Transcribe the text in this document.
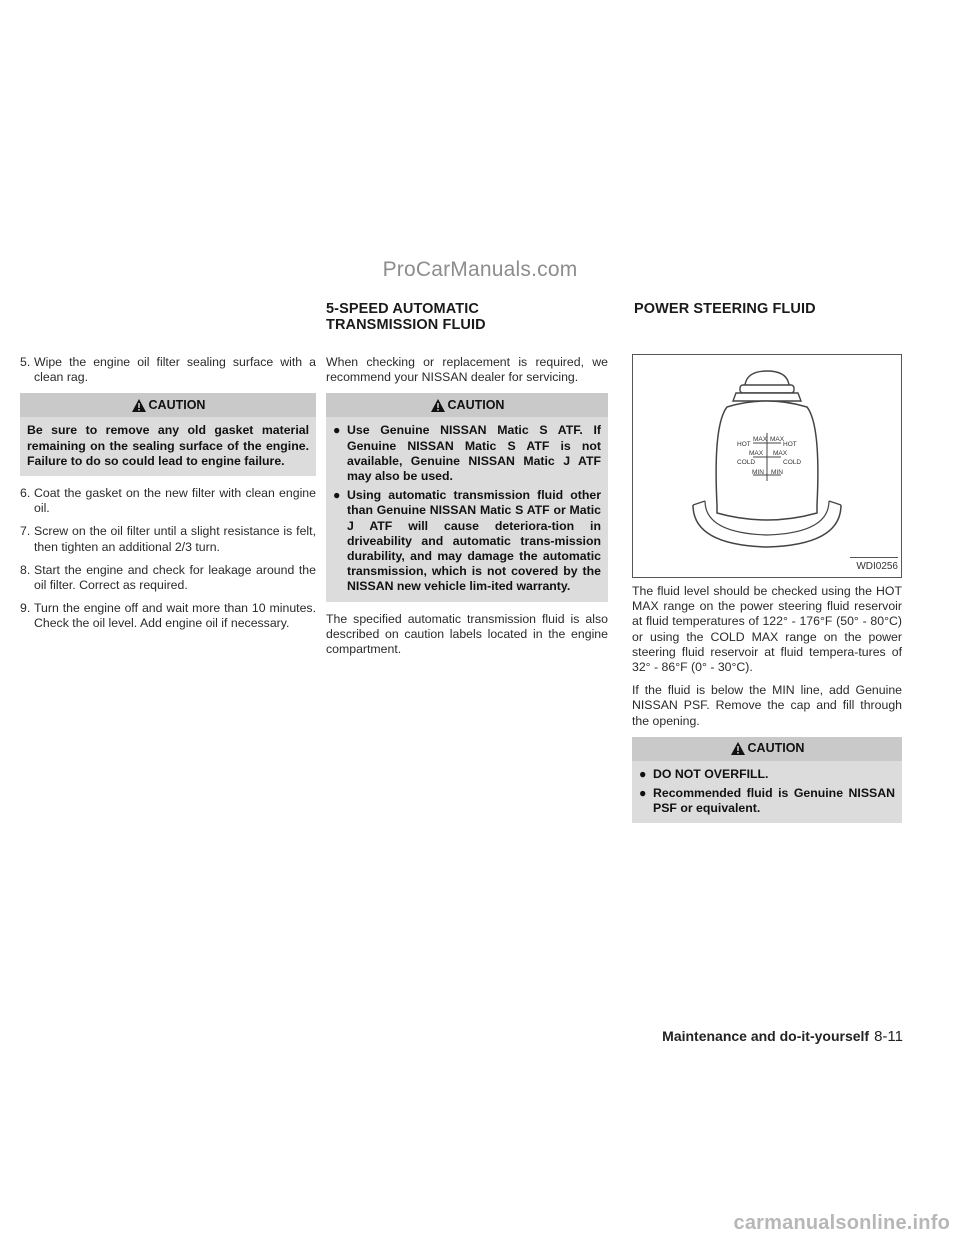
ProCarManuals.com
5-SPEED AUTOMATIC
TRANSMISSION FLUID
POWER STEERING FLUID
5. Wipe the engine oil filter sealing surface with a clean rag.
CAUTION

Be sure to remove any old gasket material remaining on the sealing surface of the engine. Failure to do so could lead to engine failure.

6. Coat the gasket on the new filter with clean engine oil.
7. Screw on the oil filter until a slight resistance is felt, then tighten an additional 2/3 turn.
8. Start the engine and check for leakage around the oil filter. Correct as required.
9. Turn the engine off and wait more than 10 minutes. Check the oil level. Add engine oil if necessary.

When checking or replacement is required, we recommend your NISSAN dealer for servicing.

CAUTION
● Use Genuine NISSAN Matic S ATF. If Genuine NISSAN Matic S ATF is not available, Genuine NISSAN Matic J ATF may also be used.
● Using automatic transmission fluid other than Genuine NISSAN Matic S ATF or Matic J ATF will cause deteriora-tion in driveability and automatic trans-mission durability, and may damage the automatic transmission, which is not covered by the NISSAN new vehicle lim-ited warranty.

The specified automatic transmission fluid is also described on caution labels located in the engine compartment.

HOT
MAX MAX
HOT
MAX MAX
COLD	COLD
MIN MIN
WDI0256

The fluid level should be checked using the HOT MAX range on the power steering fluid reservoir at fluid temperatures of 122° - 176°F (50° - 80°C) or using the COLD MAX range on the power steering fluid reservoir at fluid tempera-tures of 32° - 86°F (0° - 30°C).

If the fluid is below the MIN line, add Genuine NISSAN PSF. Remove the cap and fill through the opening.

CAUTION
● DO NOT OVERFILL.
● Recommended fluid is Genuine NISSAN PSF or equivalent.
Maintenance and do-it-yourself 8-11
carmanualsonline.info
